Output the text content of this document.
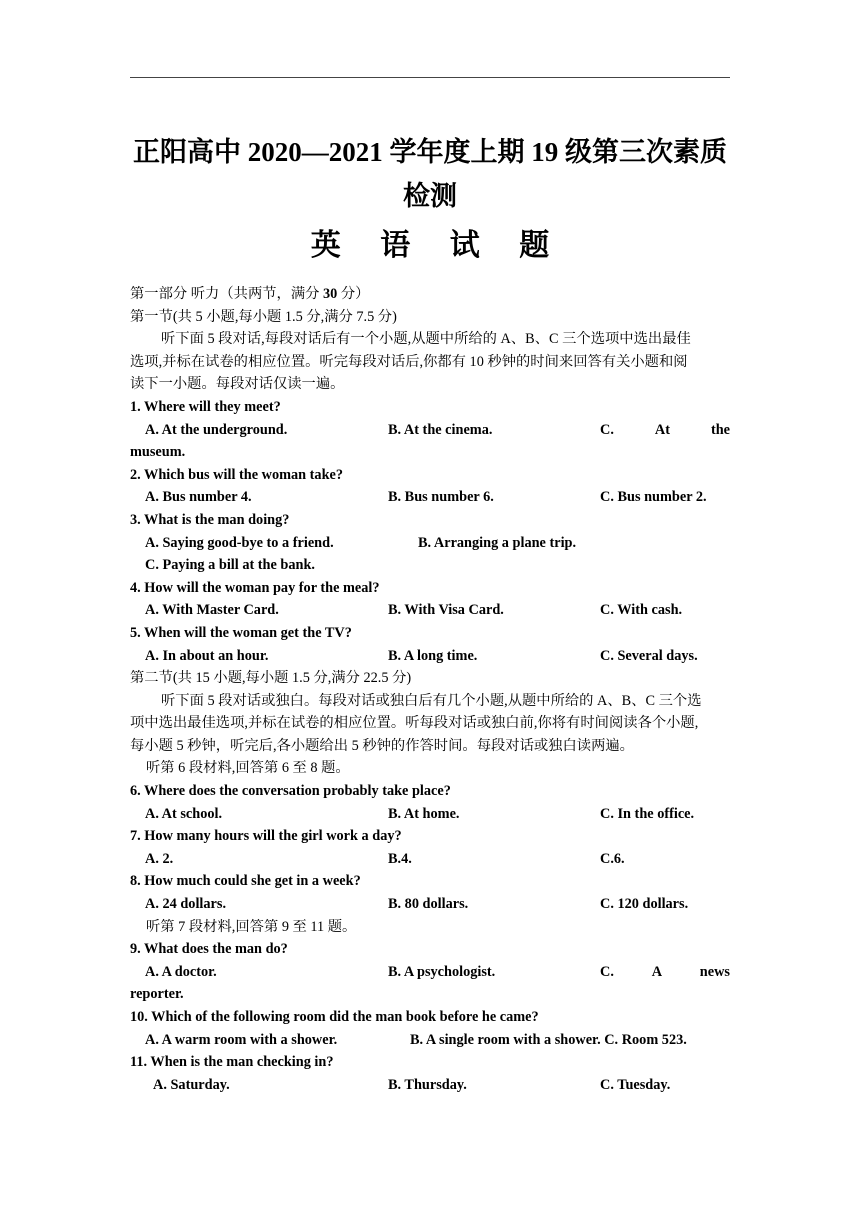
正阳高中 2020—2021 学年度上期 19 级第三次素质检测
英 语 试 题
第一部分 听力（共两节，满分 30 分）
第一节(共 5 小题,每小题 1.5 分,满分 7.5 分)
听下面 5 段对话,每段对话后有一个小题,从题中所给的 A、B、C 三个选项中选出最佳
选项,并标在试卷的相应位置。听完每段对话后,你都有 10 秒钟的时间来回答有关小题和阅
读下一小题。每段对话仅读一遍。
1. Where will they meet?
A. At the underground.	B. At the cinema.	C.	At	the
museum.
2. Which bus will the woman take?
A. Bus number 4.	B. Bus number 6.	C. Bus number 2.
3. What is the man doing?
A. Saying good-bye to a friend.	B. Arranging a plane trip.
C. Paying a bill at the bank.
4. How will the woman pay for the meal?
A. With Master Card.	B. With Visa Card.	C. With cash.
5. When will the woman get the TV?
A. In about an hour.	B. A long time.	C. Several days.
第二节(共 15 小题,每小题 1.5 分,满分 22.5 分)
听下面 5 段对话或独白。每段对话或独白后有几个小题,从题中所给的 A、B、C 三个选
项中选出最佳选项,并标在试卷的相应位置。听每段对话或独白前,你将有时间阅读各个小题,
每小题 5 秒钟，听完后,各小题给出 5 秒钟的作答时间。每段对话或独白读两遍。
听第 6 段材料,回答第 6 至 8 题。
6. Where does the conversation probably take place?
A. At school.	B. At home.	C. In the office.
7. How many hours will the girl work a day?
A. 2.	B.4.	C.6.
8. How much could she get in a week?
A. 24 dollars.	B. 80 dollars.	C. 120 dollars.
听第 7 段材料,回答第 9 至 11 题。
9. What does the man do?
A. A doctor.	B. A psychologist.	C.	A	news
reporter.
10. Which of the following room did the man book before he came?
A. A warm room with a shower.	B. A single room with a shower. C. Room 523.
11. When is the man checking in?
A. Saturday.	B. Thursday.	C. Tuesday.
